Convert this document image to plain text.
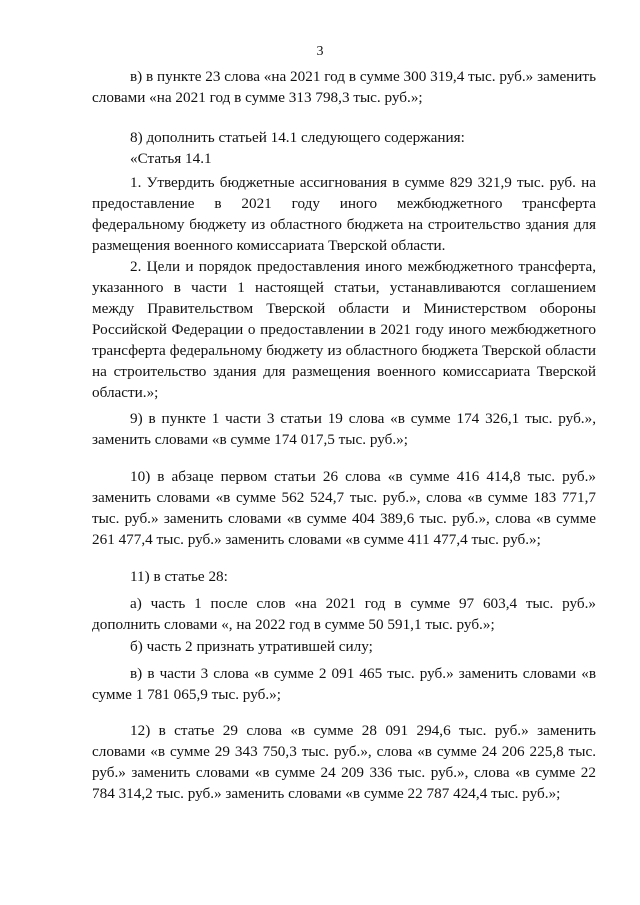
3
в) в пункте 23 слова «на 2021 год в сумме 300 319,4 тыс. руб.» заменить словами «на 2021 год в сумме 313 798,3 тыс. руб.»;
8) дополнить статьей 14.1 следующего содержания:
«Статья 14.1
1. Утвердить бюджетные ассигнования в сумме 829 321,9 тыс. руб. на предоставление в 2021 году иного межбюджетного трансферта федеральному бюджету из областного бюджета на строительство здания для размещения военного комиссариата Тверской области.
2. Цели и порядок предоставления иного межбюджетного трансферта, указанного в части 1 настоящей статьи, устанавливаются соглашением между Правительством Тверской области и Министерством обороны Российской Федерации о предоставлении в 2021 году иного межбюджетного трансферта федеральному бюджету из областного бюджета Тверской области на строительство здания для размещения военного комиссариата Тверской области.»;
9) в пункте 1 части 3 статьи 19 слова «в сумме 174 326,1 тыс. руб.», заменить словами «в сумме 174 017,5 тыс. руб.»;
10) в абзаце первом статьи 26 слова «в сумме 416 414,8 тыс. руб.» заменить словами «в сумме 562 524,7 тыс. руб.», слова «в сумме 183 771,7 тыс. руб.» заменить словами «в сумме 404 389,6 тыс. руб.», слова «в сумме 261 477,4 тыс. руб.» заменить словами «в сумме 411 477,4 тыс. руб.»;
11) в статье 28:
а) часть 1 после слов «на 2021 год в сумме 97 603,4 тыс. руб.» дополнить словами «, на 2022 год в сумме 50 591,1 тыс. руб.»;
б) часть 2 признать утратившей силу;
в) в части 3 слова «в сумме 2 091 465 тыс. руб.» заменить словами «в сумме 1 781 065,9 тыс. руб.»;
12) в статье 29 слова «в сумме 28 091 294,6 тыс. руб.» заменить словами «в сумме 29 343 750,3 тыс. руб.», слова «в сумме 24 206 225,8 тыс. руб.» заменить словами «в сумме 24 209 336 тыс. руб.», слова «в сумме 22 784 314,2 тыс. руб.» заменить словами «в сумме 22 787 424,4 тыс. руб.»;
